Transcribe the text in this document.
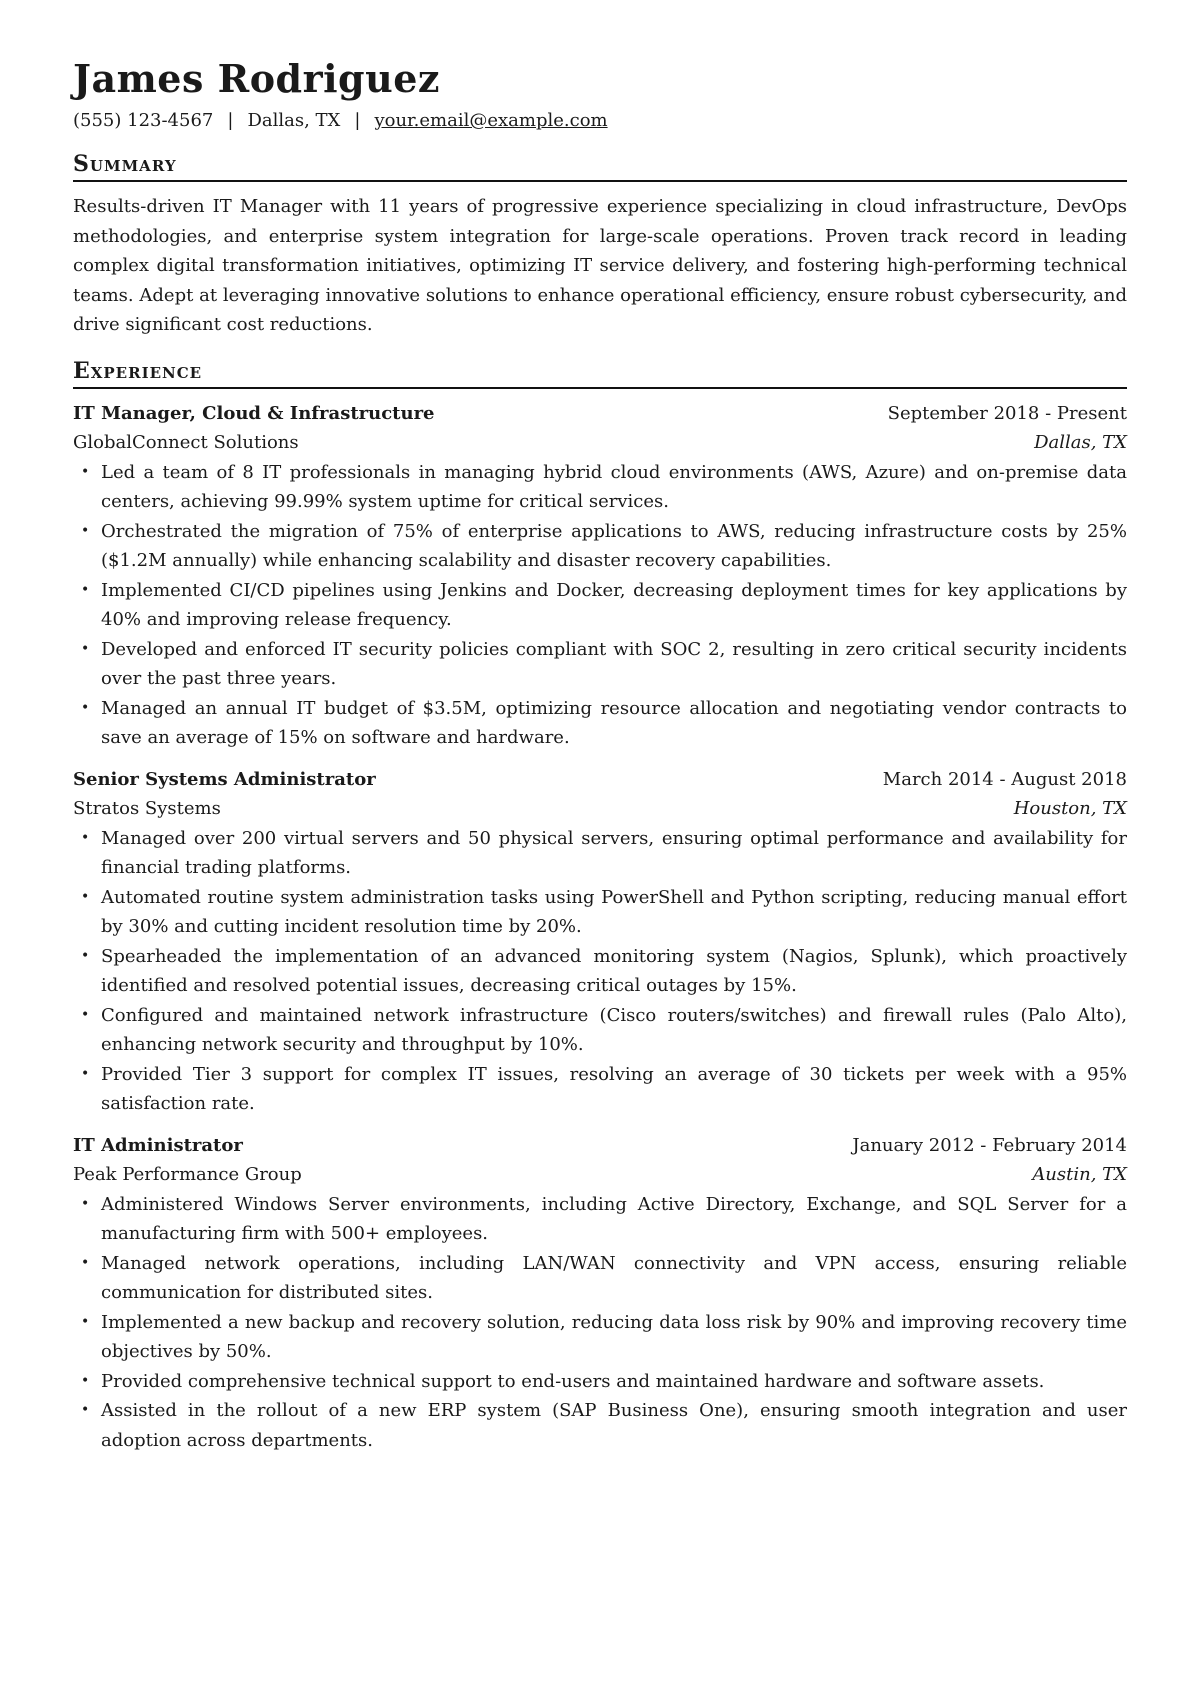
James Rodriguez
(555) 123-4567 | Dallas, TX | your.email@example.com
Summary

Results-driven IT Manager with 11 years of progressive experience specializing in cloud infrastructure, DevOps methodologies, and enterprise system integration for large-scale operations. Proven track record in leading complex digital transformation initiatives, optimizing IT service delivery, and fostering high-performing technical teams. Adept at leveraging innovative solutions to enhance operational efficiency, ensure robust cybersecurity, and drive significant cost reductions.

Experience
IT Manager, Cloud & Infrastructure	September 2018 - Present
GlobalConnect Solutions	Dallas, TX
• Led a team of 8 IT professionals in managing hybrid cloud environments (AWS, Azure) and on-premise data centers, achieving 99.99% system uptime for critical services.
• Orchestrated the migration of 75% of enterprise applications to AWS, reducing infrastructure costs by 25% ($1.2M annually) while enhancing scalability and disaster recovery capabilities.
• Implemented CI/CD pipelines using Jenkins and Docker, decreasing deployment times for key applications by 40% and improving release frequency.
• Developed and enforced IT security policies compliant with SOC 2, resulting in zero critical security incidents over the past three years.
• Managed an annual IT budget of $3.5M, optimizing resource allocation and negotiating vendor contracts to save an average of 15% on software and hardware.
Senior Systems Administrator	March 2014 - August 2018
Stratos Systems	Houston, TX
• Managed over 200 virtual servers and 50 physical servers, ensuring optimal performance and availability for financial trading platforms.
• Automated routine system administration tasks using PowerShell and Python scripting, reducing manual effort by 30% and cutting incident resolution time by 20%.
• Spearheaded the implementation of an advanced monitoring system (Nagios, Splunk), which proactively identified and resolved potential issues, decreasing critical outages by 15%.
• Configured and maintained network infrastructure (Cisco routers/switches) and firewall rules (Palo Alto), enhancing network security and throughput by 10%.
• Provided Tier 3 support for complex IT issues, resolving an average of 30 tickets per week with a 95% satisfaction rate.
IT Administrator	January 2012 - February 2014
Peak Performance Group	Austin, TX
• Administered Windows Server environments, including Active Directory, Exchange, and SQL Server for a manufacturing firm with 500+ employees.
• Managed network operations, including LAN/WAN connectivity and VPN access, ensuring reliable communication for distributed sites.
• Implemented a new backup and recovery solution, reducing data loss risk by 90% and improving recovery time objectives by 50%.
• Provided comprehensive technical support to end-users and maintained hardware and software assets.
• Assisted in the rollout of a new ERP system (SAP Business One), ensuring smooth integration and user adoption across departments.
